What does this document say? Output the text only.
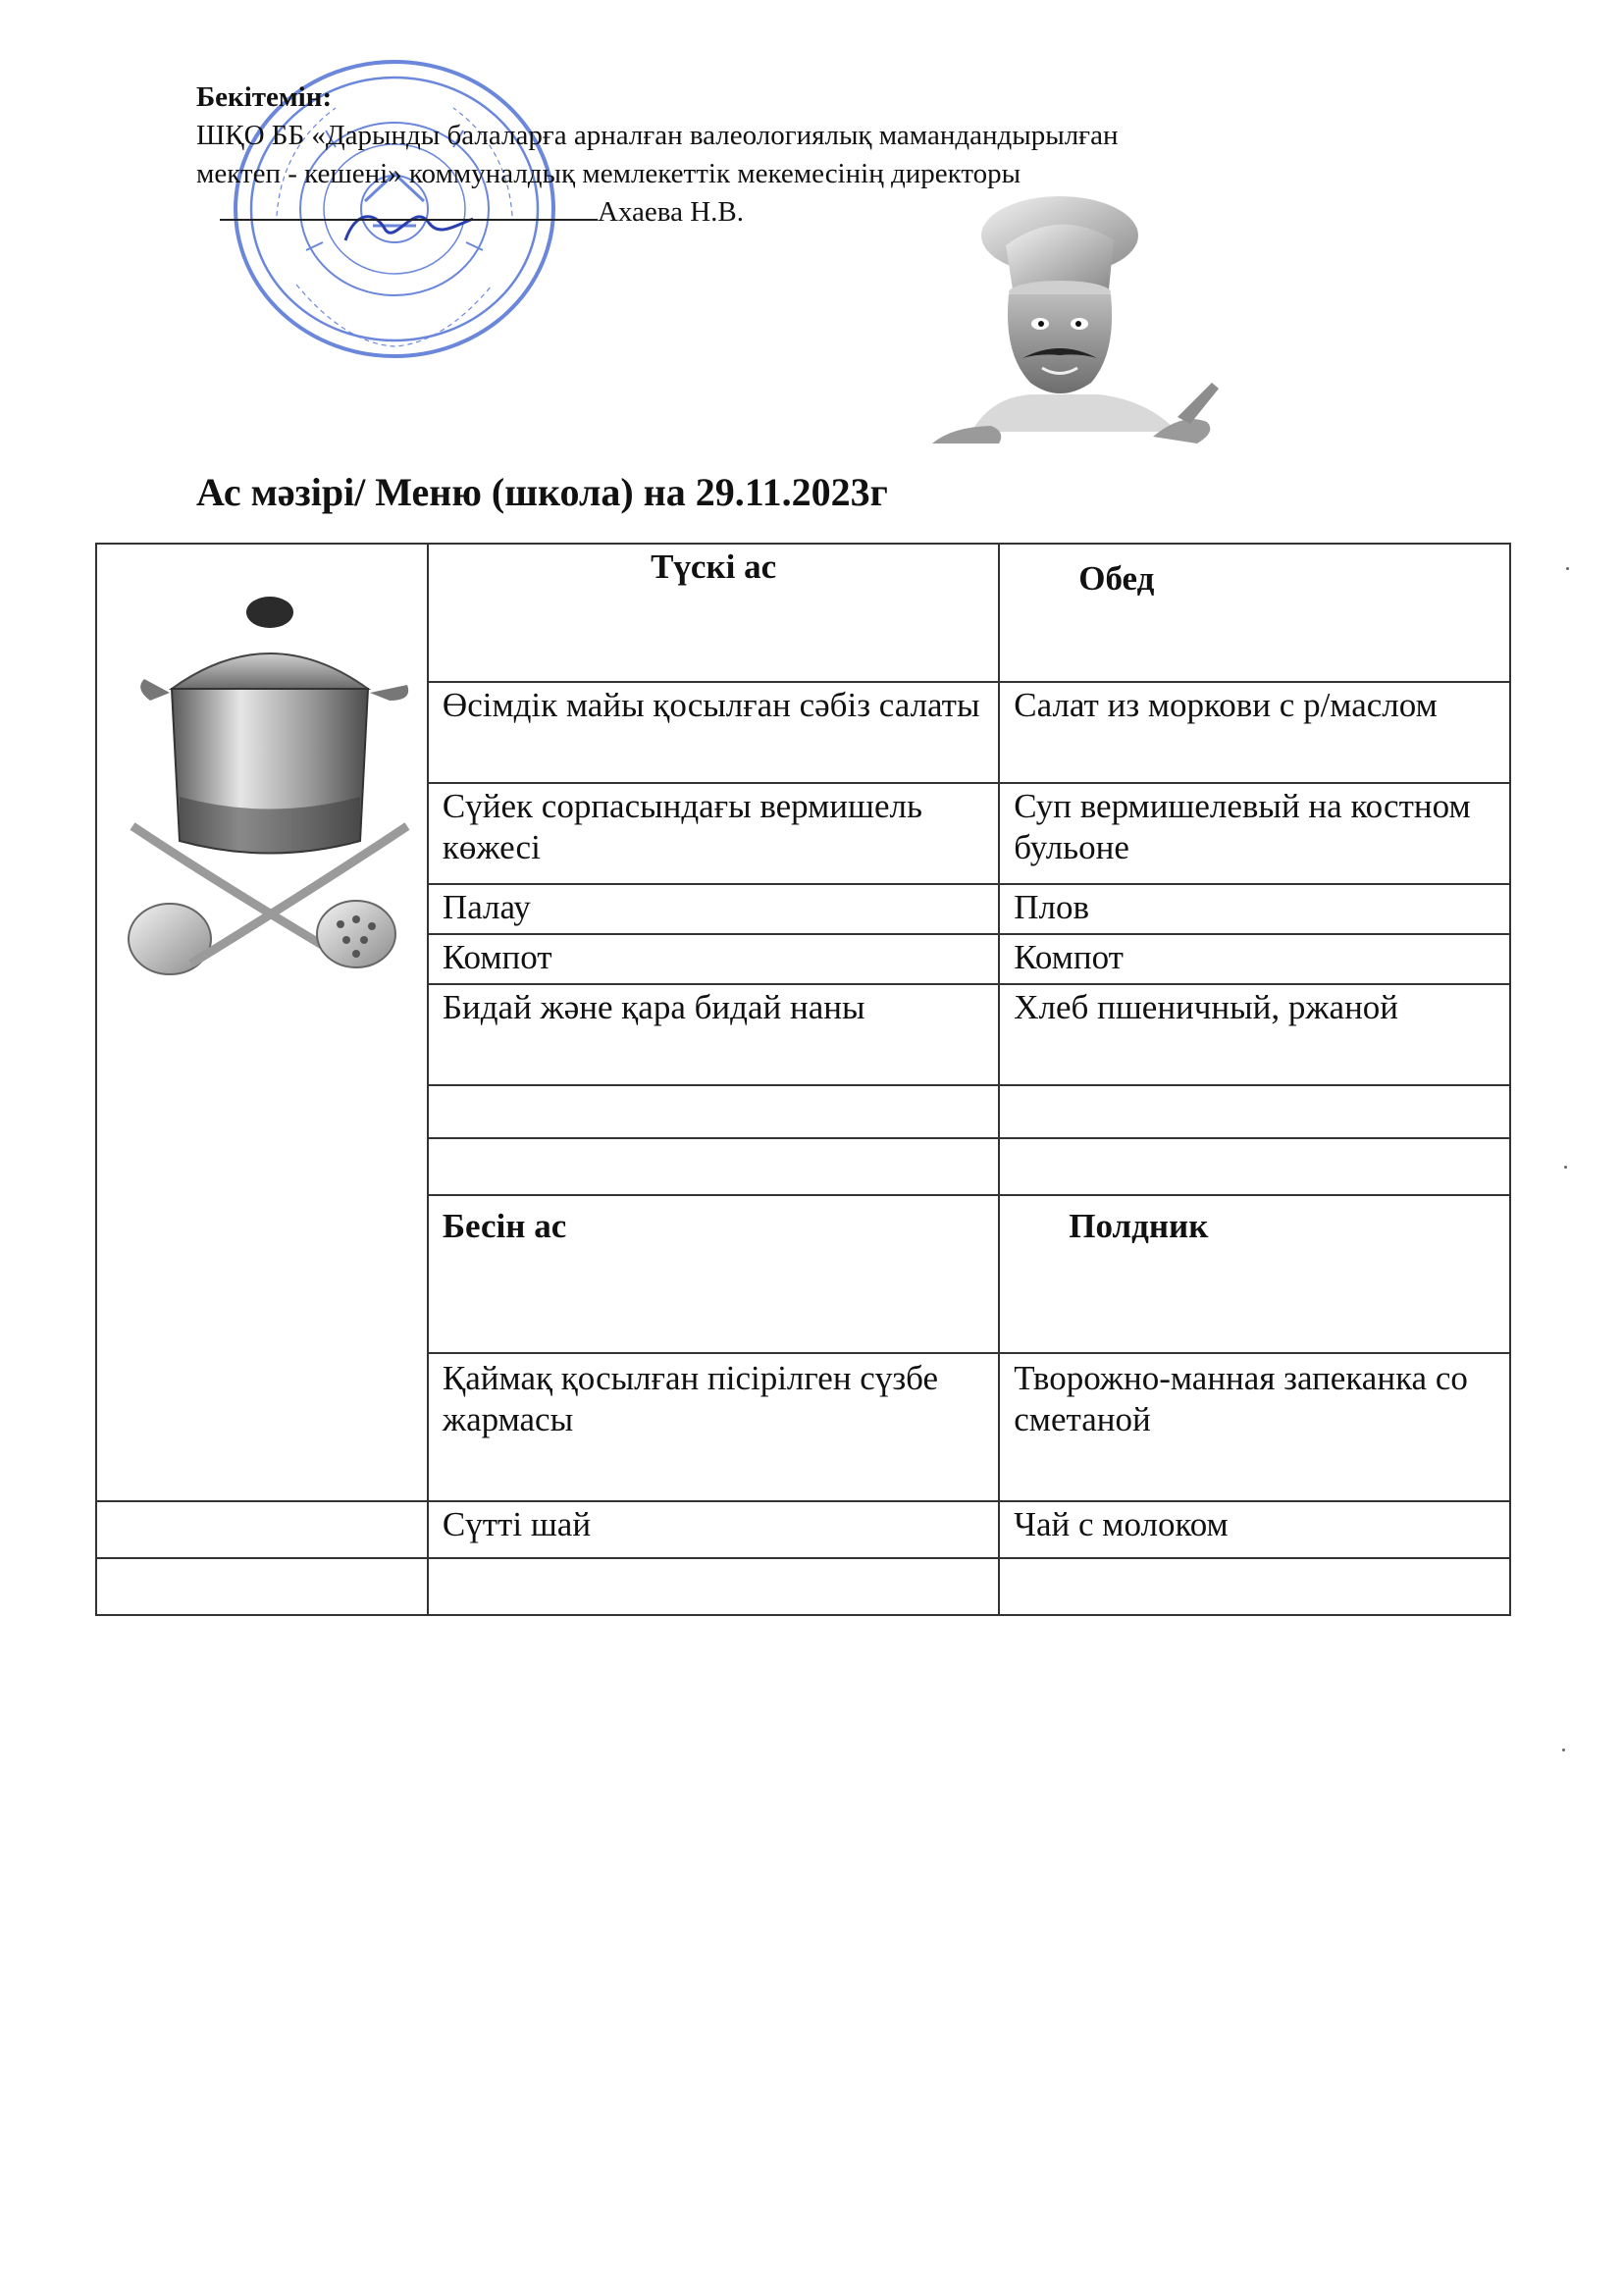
Бекітемін:
ШҚО ББ «Дарынды балаларға арналған валеологиялық мамандандырылған
мектеп - кешені» коммуналдық мемлекеттік мекемесінің директоры
Ахаева Н.В.
Ас мәзірі/ Меню (школа) на 29.11.2023г
	Түскі ас	Обед
	Өсімдік майы қосылған сәбіз салаты	Салат из моркови с р/маслом
	Сүйек сорпасындағы вермишель көжесі	Суп вермишелевый на костном бульоне
	Палау	Плов
	Компот	Компот
	Бидай және қара бидай наны	Хлеб пшеничный, ржаной

	Бесін ас	Полдник
	Қаймақ қосылған пісірілген сүзбе жармасы	Творожно-манная запеканка со сметаной
	Сүтті шай	Чай с молоком
